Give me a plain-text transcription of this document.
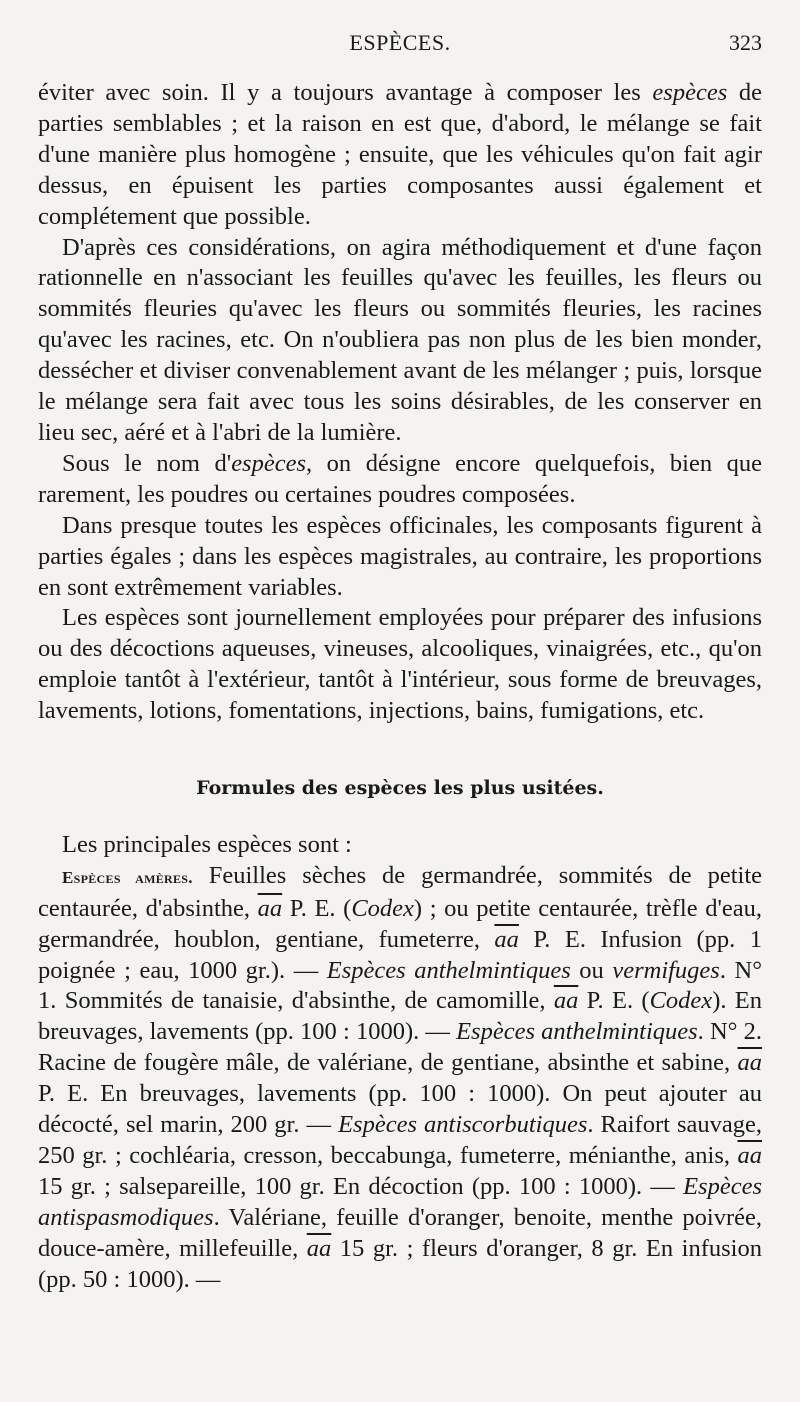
ESPÈCES.	323

éviter avec soin. Il y a toujours avantage à composer les espèces de parties semblables ; et la raison en est que, d'abord, le mélange se fait d'une manière plus homogène ; ensuite, que les véhicules qu'on fait agir dessus, en épuisent les parties composantes aussi également et complétement que possible.

D'après ces considérations, on agira méthodiquement et d'une façon rationnelle en n'associant les feuilles qu'avec les feuilles, les fleurs ou sommités fleuries qu'avec les fleurs ou sommités fleuries, les racines qu'avec les racines, etc. On n'oubliera pas non plus de les bien monder, dessécher et diviser convenablement avant de les mélanger ; puis, lorsque le mélange sera fait avec tous les soins désirables, de les conserver en lieu sec, aéré et à l'abri de la lumière.

Sous le nom d'espèces, on désigne encore quelquefois, bien que rarement, les poudres ou certaines poudres composées.

Dans presque toutes les espèces officinales, les composants figurent à parties égales ; dans les espèces magistrales, au contraire, les proportions en sont extrêmement variables.

Les espèces sont journellement employées pour préparer des infusions ou des décoctions aqueuses, vineuses, alcooliques, vinaigrées, etc., qu'on emploie tantôt à l'extérieur, tantôt à l'intérieur, sous forme de breuvages, lavements, lotions, fomentations, injections, bains, fumigations, etc.

Formules des espèces les plus usitées.

Les principales espèces sont :

Espèces amères. Feuilles sèches de germandrée, sommités de petite centaurée, d'absinthe, $\overline{aa}$ P. E. (Codex) ; ou petite centaurée, trèfle d'eau, germandrée, houblon, gentiane, fumeterre, $\overline{aa}$ P. E. Infusion (pp. 1 poignée ; eau, 1000 gr.). — Espèces anthelmintiques ou vermifuges. N° 1. Sommités de tanaisie, d'absinthe, de camomille, $\overline{aa}$ P. E. (Codex). En breuvages, lavements (pp. 100 : 1000). — Espèces anthelmintiques. N° 2. Racine de fougère mâle, de valériane, de gentiane, absinthe et sabine, $\overline{aa}$ P. E. En breuvages, lavements (pp. 100 : 1000). On peut ajouter au décocté, sel marin, 200 gr. — Espèces antiscorbutiques. Raifort sauvage, 250 gr. ; cochléaria, cresson, beccabunga, fumeterre, ménianthe, anis, $\overline{aa}$ 15 gr. ; salsepareille, 100 gr. En décoction (pp. 100 : 1000). — Espèces antispasmodiques. Valériane, feuille d'oranger, benoite, menthe poivrée, douce-amère, millefeuille, $\overline{aa}$ 15 gr. ; fleurs d'oranger, 8 gr. En infusion (pp. 50 : 1000). —
